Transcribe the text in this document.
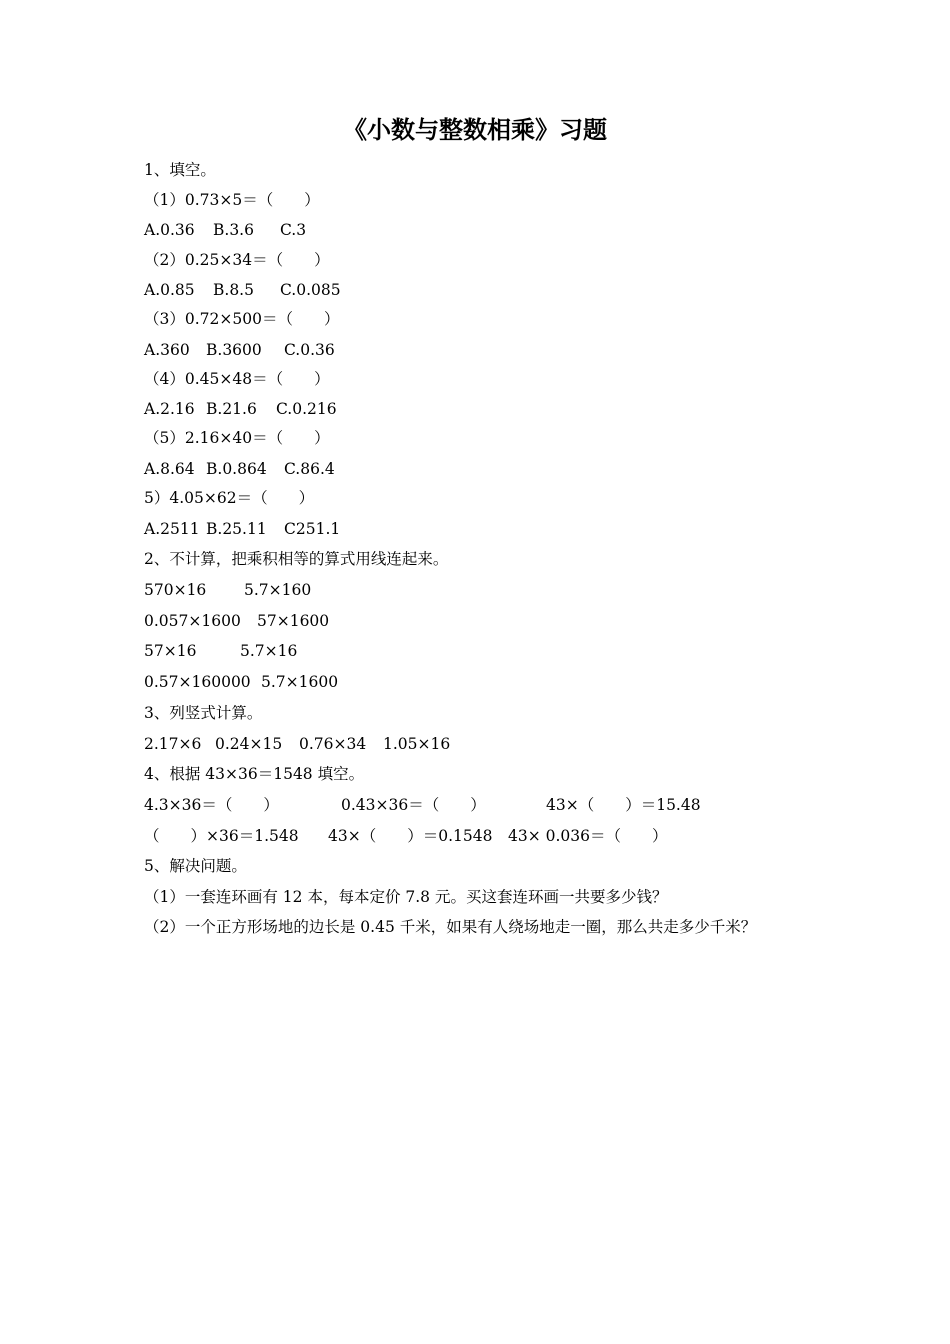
《小数与整数相乘》习题
1、填空。
（1）0.73×5＝（　　）
A.0.36 B.3.6 C.3
（2）0.25×34＝（　　）
A.0.85 B.8.5 C.0.085
（3）0.72×500＝（　　）
A.360 B.3600 C.0.36
（4）0.45×48＝（　　）
A.2.16 B.21.6 C.0.216
（5）2.16×40＝（　　）
A.8.64 B.0.864 C.86.4
5）4.05×62＝（　　）
A.2511 B.25.11 C251.1
2、不计算，把乘积相等的算式用线连起来。
570×16 5.7×160
0.057×1600 57×1600
57×16	5.7×16
0.57×160000 5.7×1600
3、列竖式计算。
2.17×6 0.24×15 0.76×34 1.05×16
4、根据 43×36＝1548 填空。
4.3×36＝（　　）	0.43×36＝（　　）	43×（　　）＝15.48
（　　）×36＝1.548 43×（　　）＝0.1548 43× 0.036＝（　　）
5、解决问题。
（1）一套连环画有 12 本，每本定价 7.8 元。买这套连环画一共要多少钱？
（2）一个正方形场地的边长是 0.45 千米，如果有人绕场地走一圈，那么共走多少千米？
